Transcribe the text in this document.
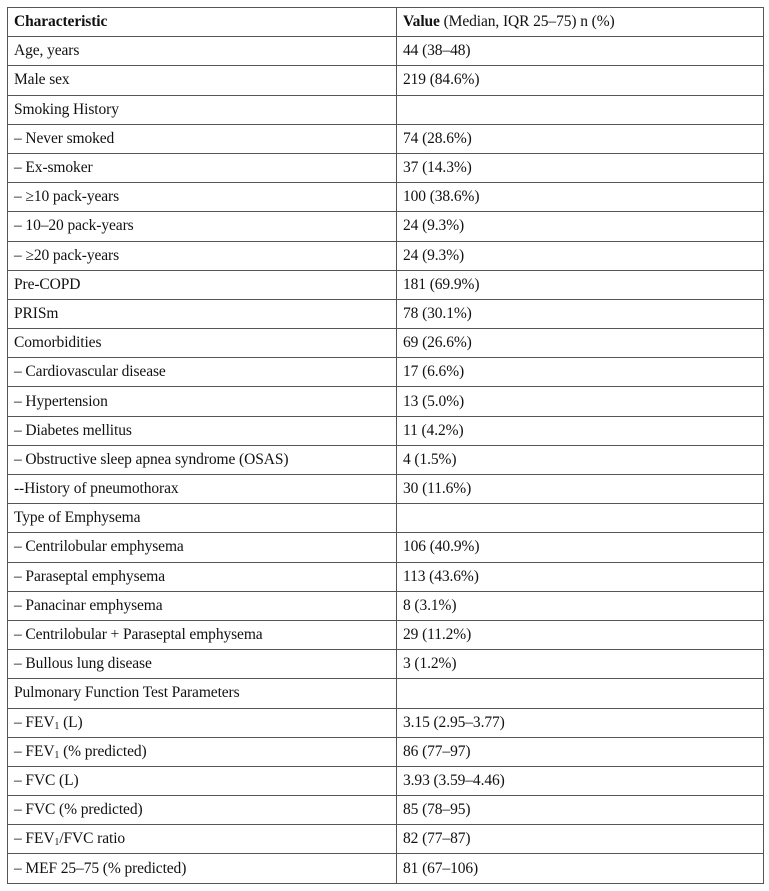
Characteristic	Value (Median, IQR 25–75) n (%)
Age, years	44 (38–48)
Male sex	219 (84.6%)
Smoking History	
– Never smoked	74 (28.6%)
– Ex-smoker	37 (14.3%)
– ≥10 pack-years	100 (38.6%)
– 10–20 pack-years	24 (9.3%)
– ≥20 pack-years	24 (9.3%)
Pre-COPD	181 (69.9%)
PRISm	78 (30.1%)
Comorbidities	69 (26.6%)
– Cardiovascular disease	17 (6.6%)
– Hypertension	13 (5.0%)
– Diabetes mellitus	11 (4.2%)
– Obstructive sleep apnea syndrome (OSAS)	4 (1.5%)
--History of pneumothorax	30 (11.6%)
Type of Emphysema	
– Centrilobular emphysema	106 (40.9%)
– Paraseptal emphysema	113 (43.6%)
– Panacinar emphysema	8 (3.1%)
– Centrilobular + Paraseptal emphysema	29 (11.2%)
– Bullous lung disease	3 (1.2%)
Pulmonary Function Test Parameters	
– $FEV_1$ (L)	3.15 (2.95–3.77)
– $FEV_1$ (% predicted)	86 (77–97)
– FVC (L)	3.93 (3.59–4.46)
– FVC (% predicted)	85 (78–95)
– $FEV_1$/FVC ratio	82 (77–87)
– MEF 25–75 (% predicted)	81 (67–106)
